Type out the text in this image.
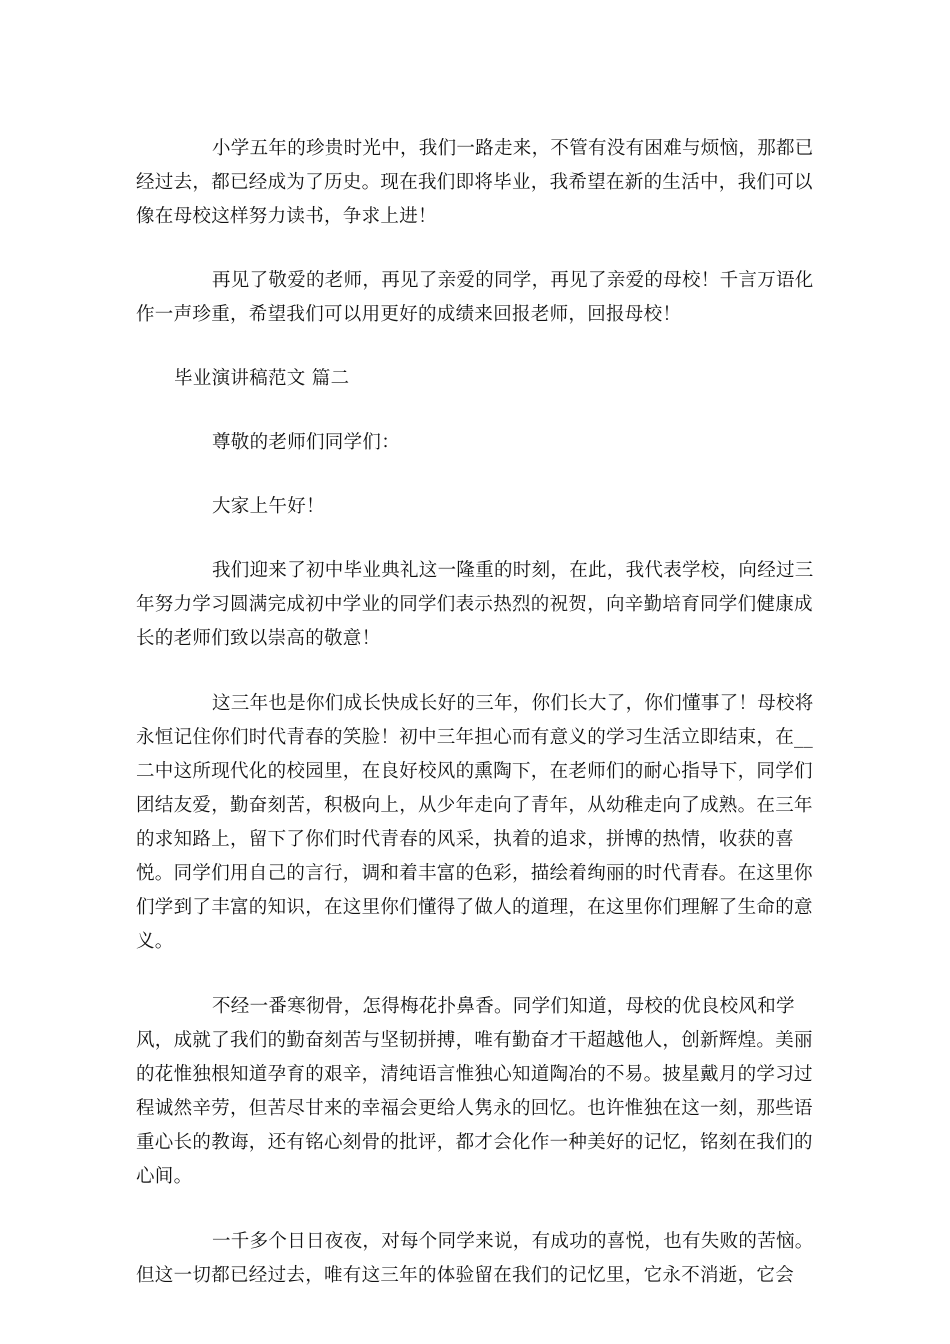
小学五年的珍贵时光中，我们一路走来，不管有没有困难与烦恼，那都已经过去，都已经成为了历史。现在我们即将毕业，我希望在新的生活中，我们可以像在母校这样努力读书，争求上进！

再见了敬爱的老师，再见了亲爱的同学，再见了亲爱的母校！千言万语化作一声珍重，希望我们可以用更好的成绩来回报老师，回报母校！

毕业演讲稿范文 篇二

尊敬的老师们同学们：

大家上午好！

我们迎来了初中毕业典礼这一隆重的时刻，在此，我代表学校，向经过三年努力学习圆满完成初中学业的同学们表示热烈的祝贺，向辛勤培育同学们健康成长的老师们致以崇高的敬意！

这三年也是你们成长快成长好的三年，你们长大了，你们懂事了！母校将永恒记住你们时代青春的笑脸！初中三年担心而有意义的学习生活立即结束，在__二中这所现代化的校园里，在良好校风的熏陶下，在老师们的耐心指导下，同学们团结友爱，勤奋刻苦，积极向上，从少年走向了青年，从幼稚走向了成熟。在三年的求知路上，留下了你们时代青春的风采，执着的追求，拼博的热情，收获的喜悦。同学们用自己的言行，调和着丰富的色彩，描绘着绚丽的时代青春。在这里你们学到了丰富的知识，在这里你们懂得了做人的道理，在这里你们理解了生命的意义。

不经一番寒彻骨，怎得梅花扑鼻香。同学们知道，母校的优良校风和学风，成就了我们的勤奋刻苦与坚韧拼搏，唯有勤奋才干超越他人，创新辉煌。美丽的花惟独根知道孕育的艰辛，清纯语言惟独心知道陶冶的不易。披星戴月的学习过程诚然辛劳，但苦尽甘来的幸福会更给人隽永的回忆。也许惟独在这一刻，那些语重心长的教诲，还有铭心刻骨的批评，都才会化作一种美好的记忆，铭刻在我们的心间。

一千多个日日夜夜，对每个同学来说，有成功的喜悦，也有失败的苦恼。但这一切都已经过去，唯有这三年的体验留在我们的记忆里，它永不消逝，它会
